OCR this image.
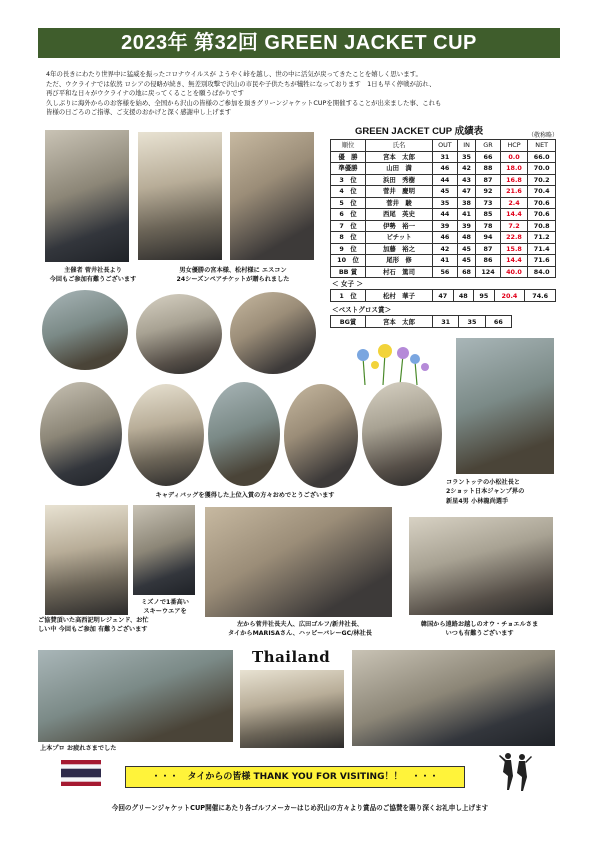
2023年 第32回 GREEN JACKET CUP
4年の長きにわたり世界中に猛威を振ったコロナウイルスが ようやく峠を越し、世の中に活気が戻ってきたことを嬉しく思います。
ただ、ウクライナでは依然 ロシアの侵略が続き、無差別攻撃で沢山の市民や子供たちが犠牲になっております　1日も早く停戦が訪れ、
再び平和な日々がウクライナの地に戻ってくることを願うばかりです
久しぶりに海外からのお客様を始め、全国から沢山の皆様のご参加を頂きグリーンジャケットCUPを開催することが出来ました事、これも
皆様の日ごろのご指導、ご支援のおかげと深く感謝申し上げます
主催者 菅井社長より
今回もご参加有難うございます
男女優勝の宮本様、松村様に エスコン
24シーズンペアチケットが贈られました
GREEN JACKET CUP 成績表	（敬称略）
順位	氏名	OUT	IN	GR	HCP	NET
優　勝	宮本　太郎	31	35	66	0.0	66.0
準優勝	山田　満	46	42	88	18.0	70.0
3　位	浜田　秀樹	44	43	87	16.8	70.2
4　位	菅井　慶明	45	47	92	21.6	70.4
5　位	菅井　駿	35	38	73	2.4	70.6
6　位	西尾　英史	44	41	85	14.4	70.6
7　位	伊勢　裕一	39	39	78	7.2	70.8
8　位	ピチット	46	48	94	22.8	71.2
9　位	加藤　裕之	42	45	87	15.8	71.4
10　位	尾形　修	41	45	86	14.4	71.6
BB 賞	村石　篤司	56	68	124	40.0	84.0
＜ 女子 ＞
1　位	松村　華子	47	48	95	20.4	74.6
＜ベストグロス賞＞
BG賞	宮本　太郎	31	35	66
キャディバッグを獲得した上位入賞の方々おめでとうございます
コラントッテの小松社長と
2ショット日本ジャンプ界の
新星4男 小林龍尚選手
ミズノで1番高い
スキーウエアを
ご協賛頂いた高西記明レジェンド、お忙
しい中 今回もご参加 有難うございます
左から菅井社長夫人、広田ゴルフ/新井社長、
タイからMARISAさん、ハッピーバレーGC/林社長
韓国から遠路お越しのオウ・チョエルさま
いつも有難うございます
上本プロ お疲れさまでした
Thailand
・・・　タイからの皆様 THANK YOU FOR VISITING！！　・・・
今回のグリーンジャケットCUP開催にあたり各ゴルフメーカーはじめ沢山の方々より賞品のご協賛を賜り深くお礼申し上げます
